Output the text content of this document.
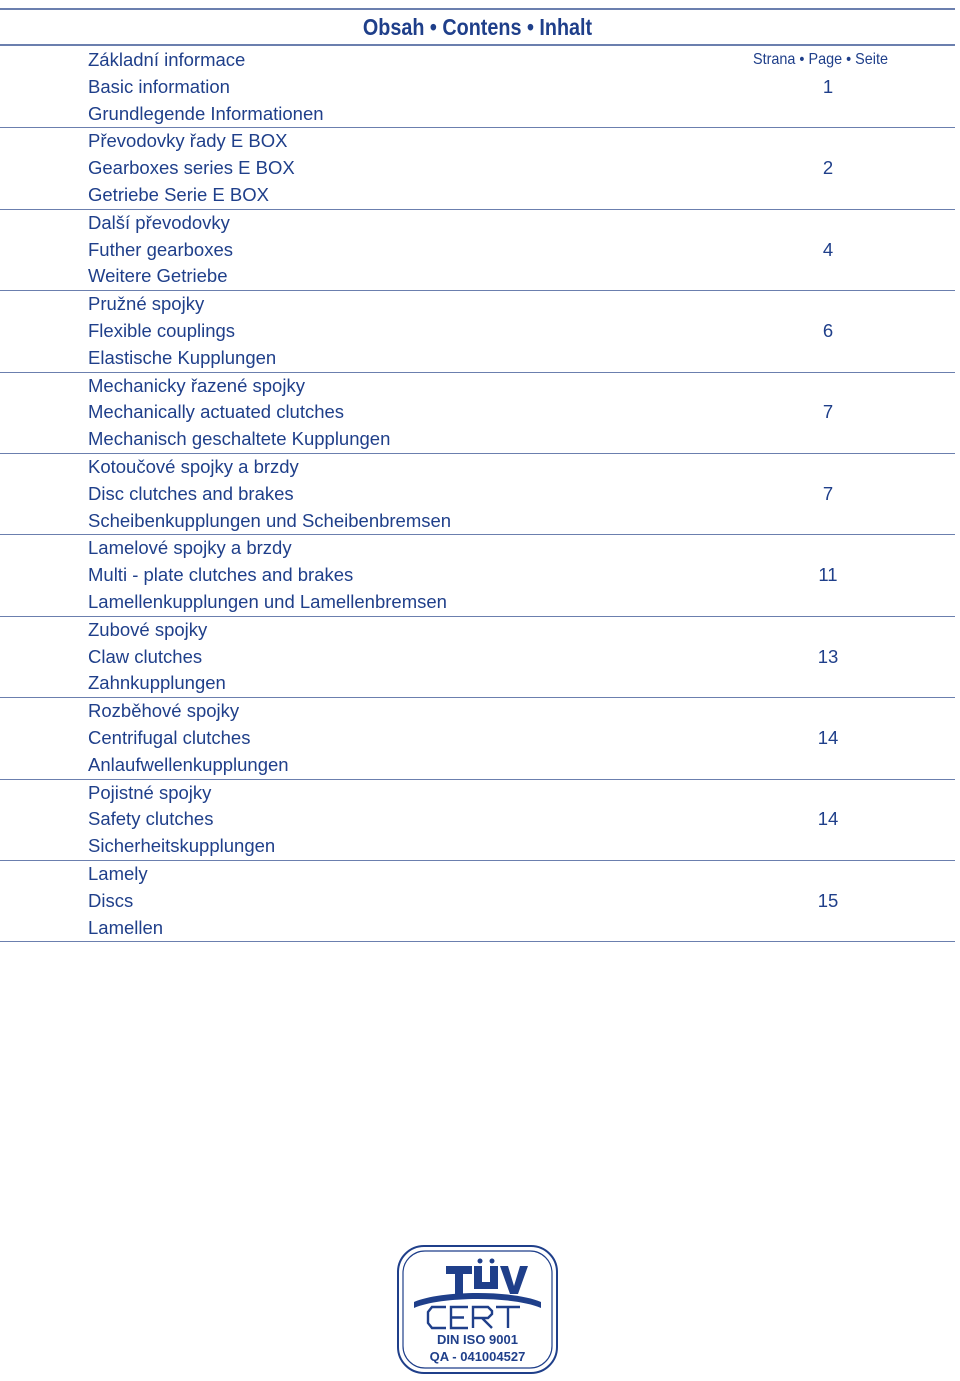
Obsah • Contens • Inhalt
Strana • Page • Seite
Základní informace
Basic information
Grundlegende Informationen
1
Převodovky řady E BOX
Gearboxes series E BOX
Getriebe Serie E BOX
2
Další převodovky
Futher gearboxes
Weitere Getriebe
4
Pružné spojky
Flexible couplings
Elastische Kupplungen
6
Mechanicky řazené spojky
Mechanically actuated clutches
Mechanisch geschaltete Kupplungen
7
Kotoučové spojky a brzdy
Disc clutches and brakes
Scheibenkupplungen und Scheibenbremsen
7
Lamelové spojky a brzdy
Multi - plate clutches and brakes
Lamellenkupplungen und Lamellenbremsen
11
Zubové spojky
Claw clutches
Zahnkupplungen
13
Rozběhové spojky
Centrifugal clutches
Anlaufwellenkupplungen
14
Pojistné spojky
Safety clutches
Sicherheitskupplungen
14
Lamely
Discs
Lamellen
15
DIN ISO 9001
QA - 041004527
